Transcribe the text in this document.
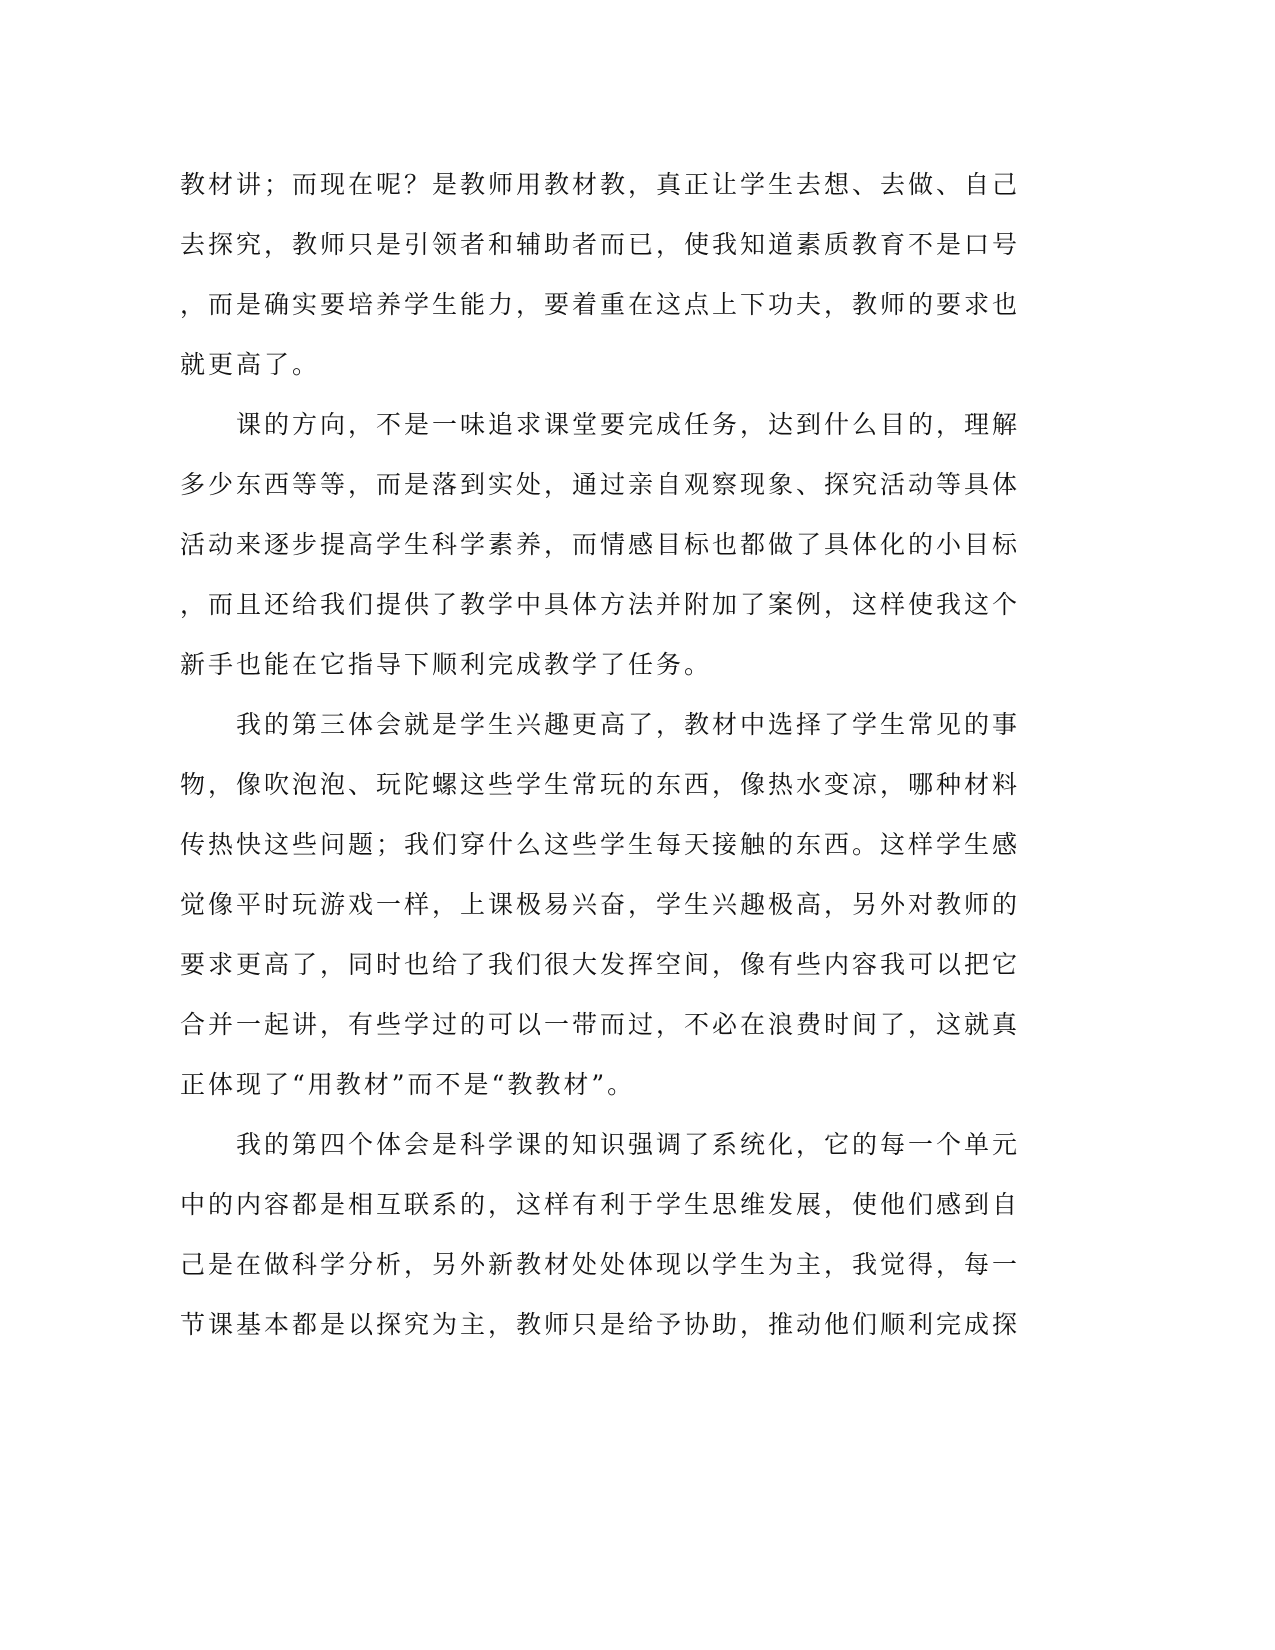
教材讲；而现在呢？是教师用教材教，真正让学生去想、去做、自己
去探究，教师只是引领者和辅助者而已，使我知道素质教育不是口号
，而是确实要培养学生能力，要着重在这点上下功夫，教师的要求也
就更高了。
　　课的方向，不是一味追求课堂要完成任务，达到什么目的，理解
多少东西等等，而是落到实处，通过亲自观察现象、探究活动等具体
活动来逐步提高学生科学素养，而情感目标也都做了具体化的小目标
，而且还给我们提供了教学中具体方法并附加了案例，这样使我这个
新手也能在它指导下顺利完成教学了任务。
　　我的第三体会就是学生兴趣更高了，教材中选择了学生常见的事
物，像吹泡泡、玩陀螺这些学生常玩的东西，像热水变凉，哪种材料
传热快这些问题；我们穿什么这些学生每天接触的东西。这样学生感
觉像平时玩游戏一样，上课极易兴奋，学生兴趣极高，另外对教师的
要求更高了，同时也给了我们很大发挥空间，像有些内容我可以把它
合并一起讲，有些学过的可以一带而过，不必在浪费时间了，这就真
正体现了“用教材”而不是“教教材”。
　　我的第四个体会是科学课的知识强调了系统化，它的每一个单元
中的内容都是相互联系的，这样有利于学生思维发展，使他们感到自
己是在做科学分析，另外新教材处处体现以学生为主，我觉得，每一
节课基本都是以探究为主，教师只是给予协助，推动他们顺利完成探
